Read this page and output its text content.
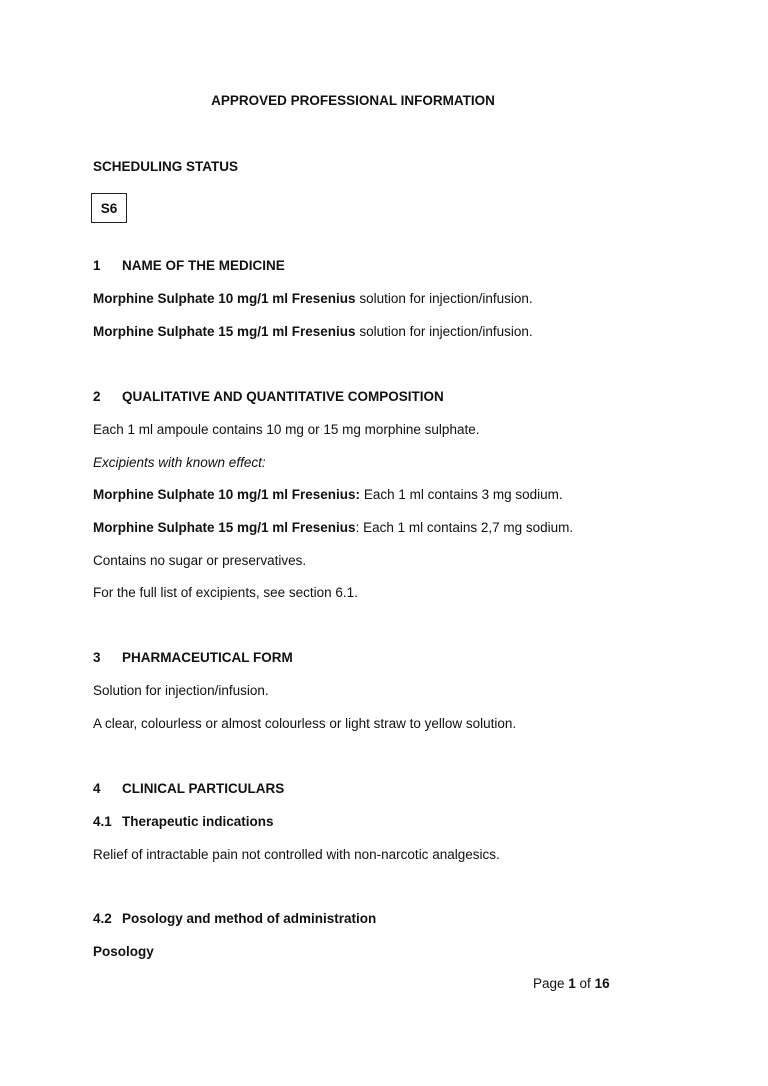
APPROVED PROFESSIONAL INFORMATION
SCHEDULING STATUS
S6
1 NAME OF THE MEDICINE
Morphine Sulphate 10 mg/1 ml Fresenius solution for injection/infusion.
Morphine Sulphate 15 mg/1 ml Fresenius solution for injection/infusion.
2 QUALITATIVE AND QUANTITATIVE COMPOSITION
Each 1 ml ampoule contains 10 mg or 15 mg morphine sulphate.
Excipients with known effect:
Morphine Sulphate 10 mg/1 ml Fresenius: Each 1 ml contains 3 mg sodium.
Morphine Sulphate 15 mg/1 ml Fresenius: Each 1 ml contains 2,7 mg sodium.
Contains no sugar or preservatives.
For the full list of excipients, see section 6.1.
3 PHARMACEUTICAL FORM
Solution for injection/infusion.
A clear, colourless or almost colourless or light straw to yellow solution.
4 CLINICAL PARTICULARS
4.1 Therapeutic indications
Relief of intractable pain not controlled with non-narcotic analgesics.
4.2 Posology and method of administration
Posology
Page 1 of 16
